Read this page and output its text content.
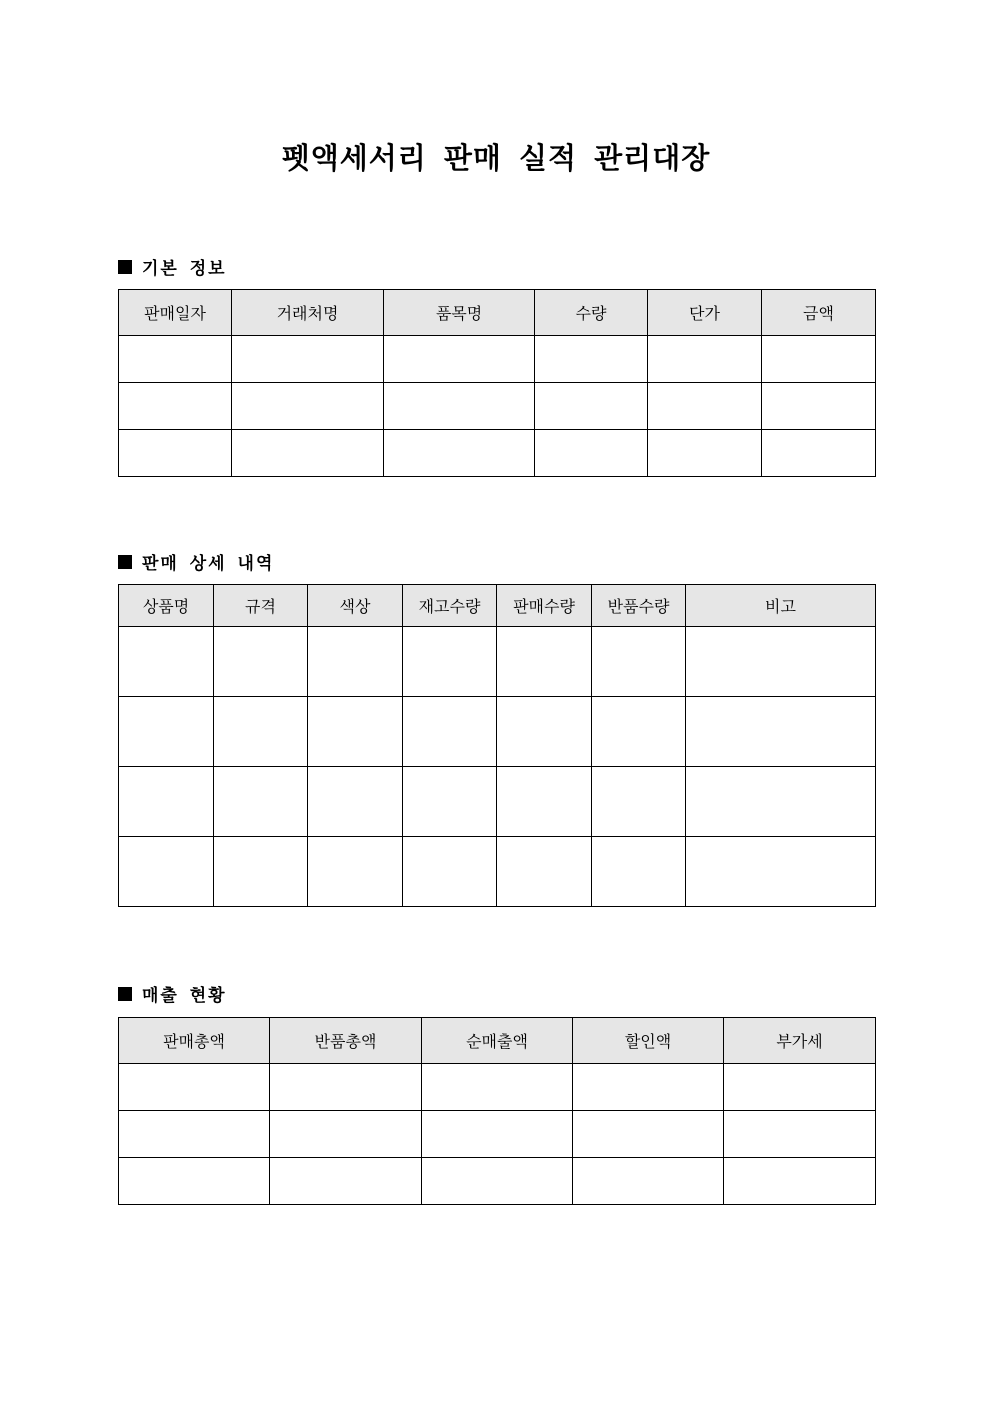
펫액세서리 판매 실적 관리대장
기본 정보
판매일자	거래처명	품목명	수량	단가	금액

판매 상세 내역
상품명	규격	색상	재고수량	판매수량	반품수량	비고

매출 현황
판매총액	반품총액	순매출액	할인액	부가세
